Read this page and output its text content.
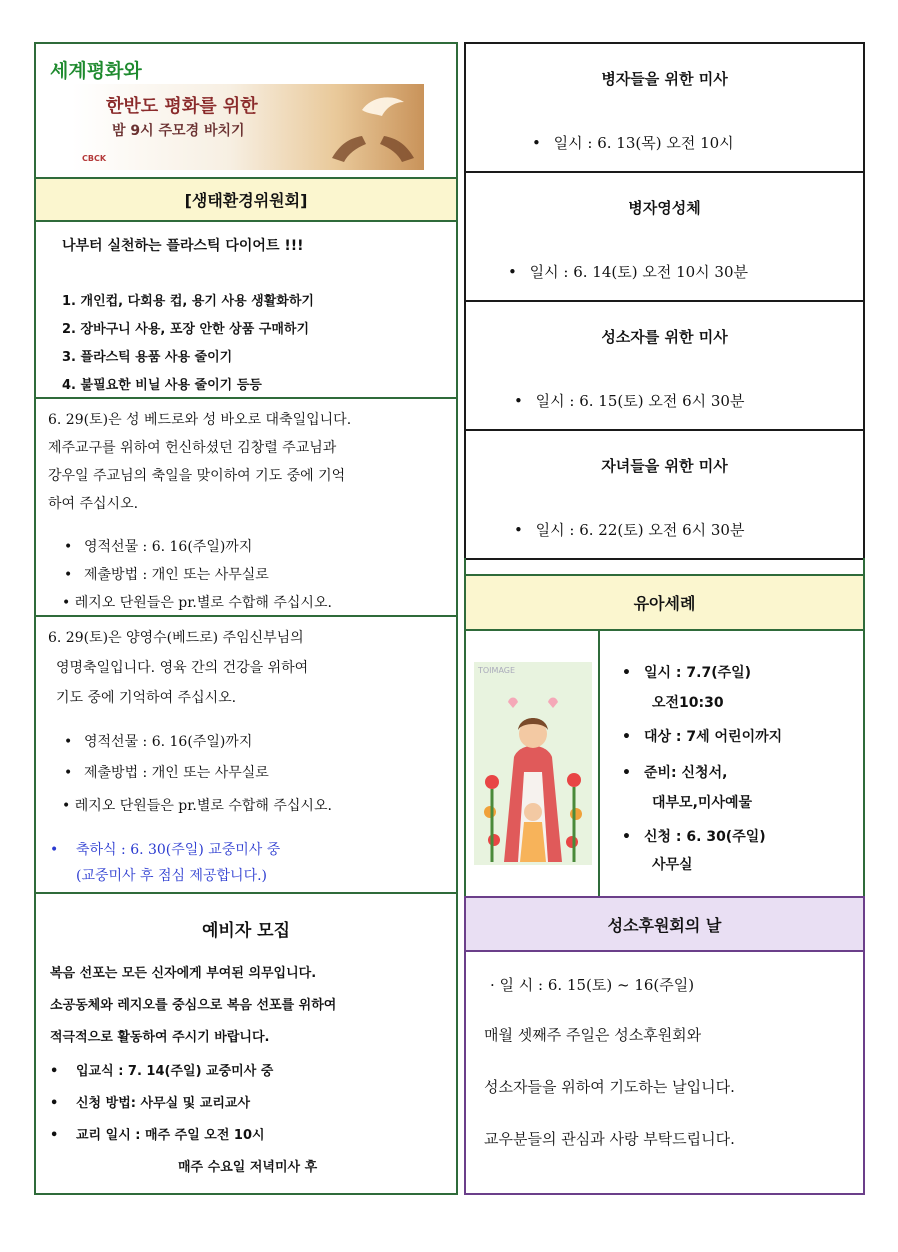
세계평화와
한반도 평화를 위한
밤 9시 주모경 바치기
CBCK
[생태환경위원회]
나부터 실천하는 플라스틱 다이어트 !!!
1. 개인컵, 다회용 컵, 용기 사용 생활화하기
2. 장바구니 사용, 포장 안한 상품 구매하기
3. 플라스틱 용품 사용 줄이기
4. 불필요한 비닐 사용 줄이기 등등
6. 29(토)은 성 베드로와 성 바오로 대축일입니다.
제주교구를 위하여 헌신하셨던 김창렬 주교님과
강우일 주교님의 축일을 맞이하여 기도 중에 기억
하여 주십시오.
• 영적선물 : 6. 16(주일)까지
• 제출방법 : 개인 또는 사무실로
• 레지오 단원들은 pr.별로 수합해 주십시오.
6. 29(토)은 양영수(베드로) 주임신부님의
영명축일입니다. 영육 간의 건강을 위하여
기도 중에 기억하여 주십시오.
• 영적선물 : 6. 16(주일)까지
• 제출방법 : 개인 또는 사무실로
• 레지오 단원들은 pr.별로 수합해 주십시오.
• 축하식 : 6. 30(주일) 교중미사 중
(교중미사 후 점심 제공합니다.)
예비자 모집
복음 선포는 모든 신자에게 부여된 의무입니다.
소공동체와 레지오를 중심으로 복음 선포를 위하여
적극적으로 활동하여 주시기 바랍니다.
• 입교식 : 7. 14(주일) 교중미사 중
• 신청 방법: 사무실 및 교리교사
• 교리 일시 : 매주 주일 오전 10시
매주 수요일 저녁미사 후
병자들을 위한 미사
• 일시 : 6. 13(목) 오전 10시
병자영성체
• 일시 : 6. 14(토) 오전 10시 30분
성소자를 위한 미사
• 일시 : 6. 15(토) 오전 6시 30분
자녀들을 위한 미사
• 일시 : 6. 22(토) 오전 6시 30분
유아세례
TOIMAGE	• 일시 : 7.7(주일)
오전10:30
• 대상 : 7세 어린이까지
• 준비: 신청서,
대부모,미사예물
• 신청 : 6. 30(주일)
사무실
성소후원회의 날
· 일 시 : 6. 15(토) ~ 16(주일)
매월 셋째주 주일은 성소후원회와
성소자들을 위하여 기도하는 날입니다.
교우분들의 관심과 사랑 부탁드립니다.
